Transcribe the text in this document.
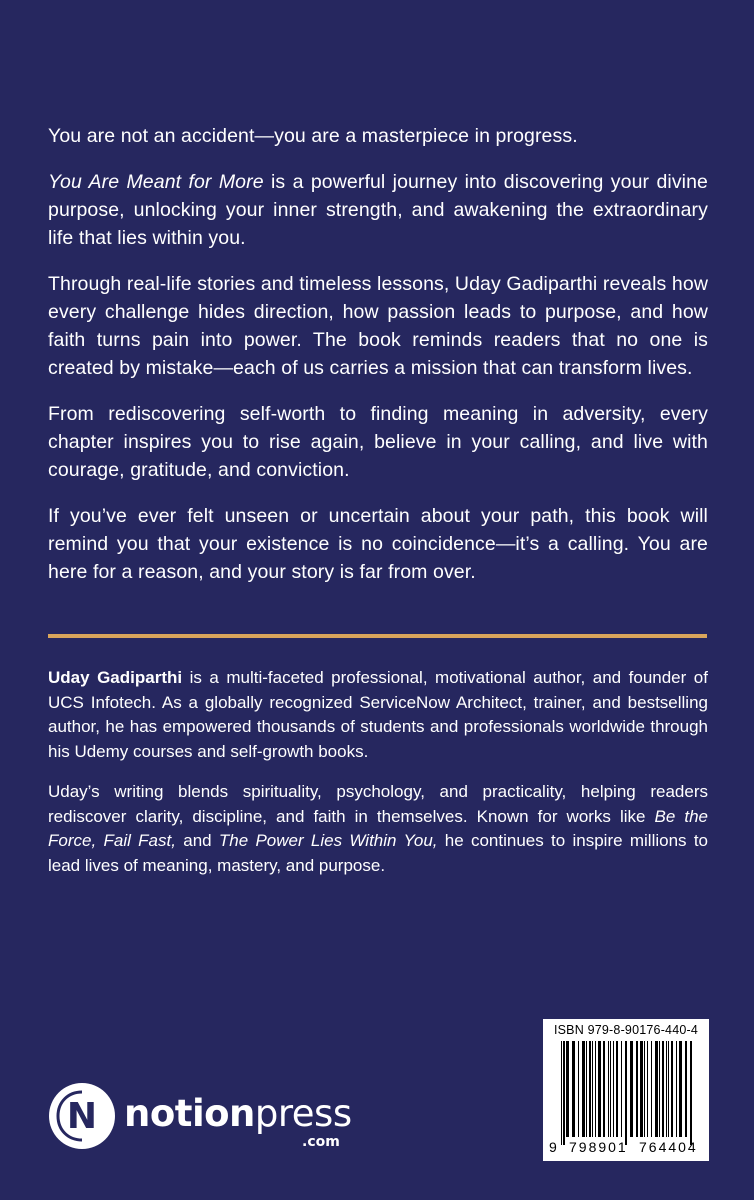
You are not an accident—you are a masterpiece in progress.

You Are Meant for More is a powerful journey into discovering your divine purpose, unlocking your inner strength, and awakening the extraordinary life that lies within you.

Through real-life stories and timeless lessons, Uday Gadiparthi reveals how every challenge hides direction, how passion leads to purpose, and how faith turns pain into power. The book reminds readers that no one is created by mistake—each of us carries a mission that can transform lives.

From rediscovering self-worth to finding meaning in adversity, every chapter inspires you to rise again, believe in your calling, and live with courage, gratitude, and conviction.

If you’ve ever felt unseen or uncertain about your path, this book will remind you that your existence is no coincidence—it’s a calling. You are here for a reason, and your story is far from over.

Uday Gadiparthi is a multi-faceted professional, motivational author, and founder of UCS Infotech. As a globally recognized ServiceNow Architect, trainer, and bestselling author, he has empowered thousands of students and professionals worldwide through his Udemy courses and self-growth books.

Uday’s writing blends spirituality, psychology, and practicality, helping readers rediscover clarity, discipline, and faith in themselves. Known for works like Be the Force, Fail Fast, and The Power Lies Within You, he continues to inspire millions to lead lives of meaning, mastery, and purpose.

N notionpress
.com
ISBN 979-8-90176-440-4
9 798901 764404
